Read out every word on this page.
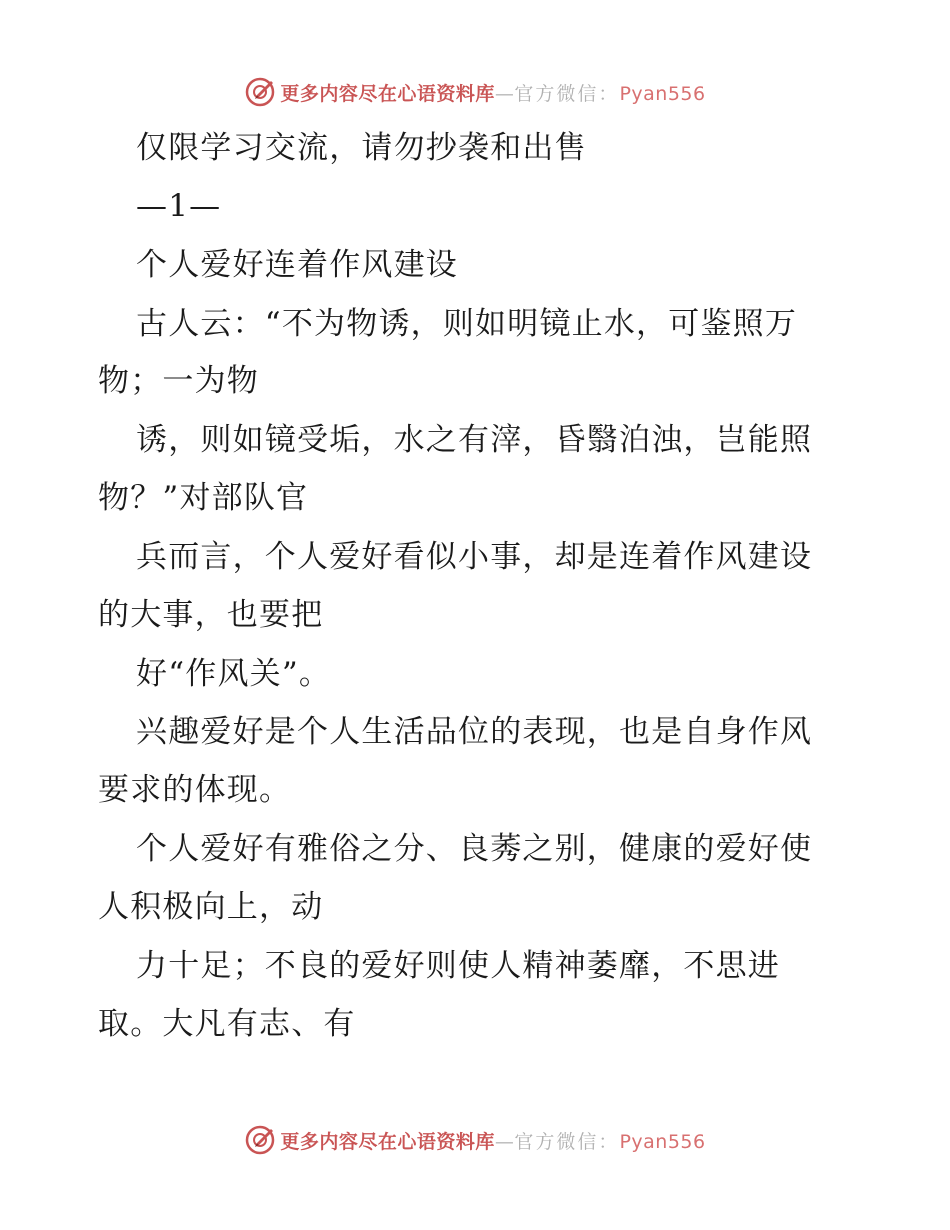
更多内容尽在心语资料库—官方微信：Pyan556
仅限学习交流，请勿抄袭和出售
—1—
个人爱好连着作风建设
古人云：“不为物诱，则如明镜止水，可鉴照万
物；一为物
诱，则如镜受垢，水之有滓，昏翳泊浊，岂能照
物？”对部队官
兵而言，个人爱好看似小事，却是连着作风建设
的大事，也要把
好“作风关”。
兴趣爱好是个人生活品位的表现，也是自身作风
要求的体现。
个人爱好有雅俗之分、良莠之别，健康的爱好使
人积极向上，动
力十足；不良的爱好则使人精神萎靡，不思进
取。大凡有志、有
更多内容尽在心语资料库—官方微信：Pyan556
